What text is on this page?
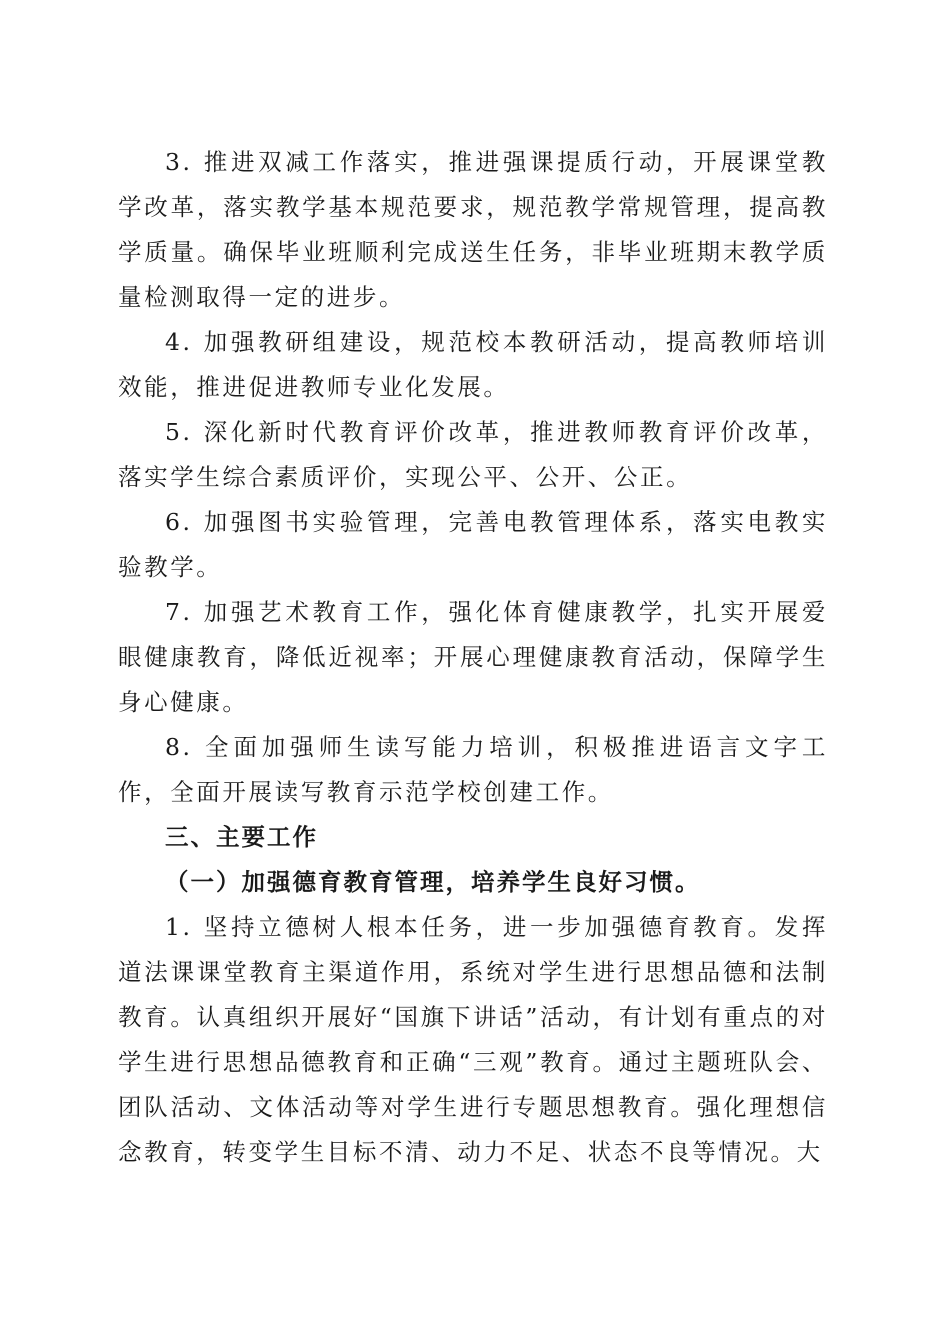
3. 推进双减工作落实，推进强课提质行动，开展课堂教学改革，落实教学基本规范要求，规范教学常规管理，提高教学质量。确保毕业班顺利完成送生任务，非毕业班期末教学质量检测取得一定的进步。

4. 加强教研组建设，规范校本教研活动，提高教师培训效能，推进促进教师专业化发展。

5. 深化新时代教育评价改革，推进教师教育评价改革，落实学生综合素质评价，实现公平、公开、公正。

6. 加强图书实验管理，完善电教管理体系，落实电教实验教学。

7. 加强艺术教育工作，强化体育健康教学，扎实开展爱眼健康教育，降低近视率；开展心理健康教育活动，保障学生身心健康。

8. 全面加强师生读写能力培训，积极推进语言文字工作，全面开展读写教育示范学校创建工作。

三、主要工作

（一）加强德育教育管理，培养学生良好习惯。

1. 坚持立德树人根本任务，进一步加强德育教育。发挥道法课课堂教育主渠道作用，系统对学生进行思想品德和法制教育。认真组织开展好“国旗下讲话”活动，有计划有重点的对学生进行思想品德教育和正确“三观”教育。通过主题班队会、团队活动、文体活动等对学生进行专题思想教育。强化理想信念教育，转变学生目标不清、动力不足、状态不良等情况。大
